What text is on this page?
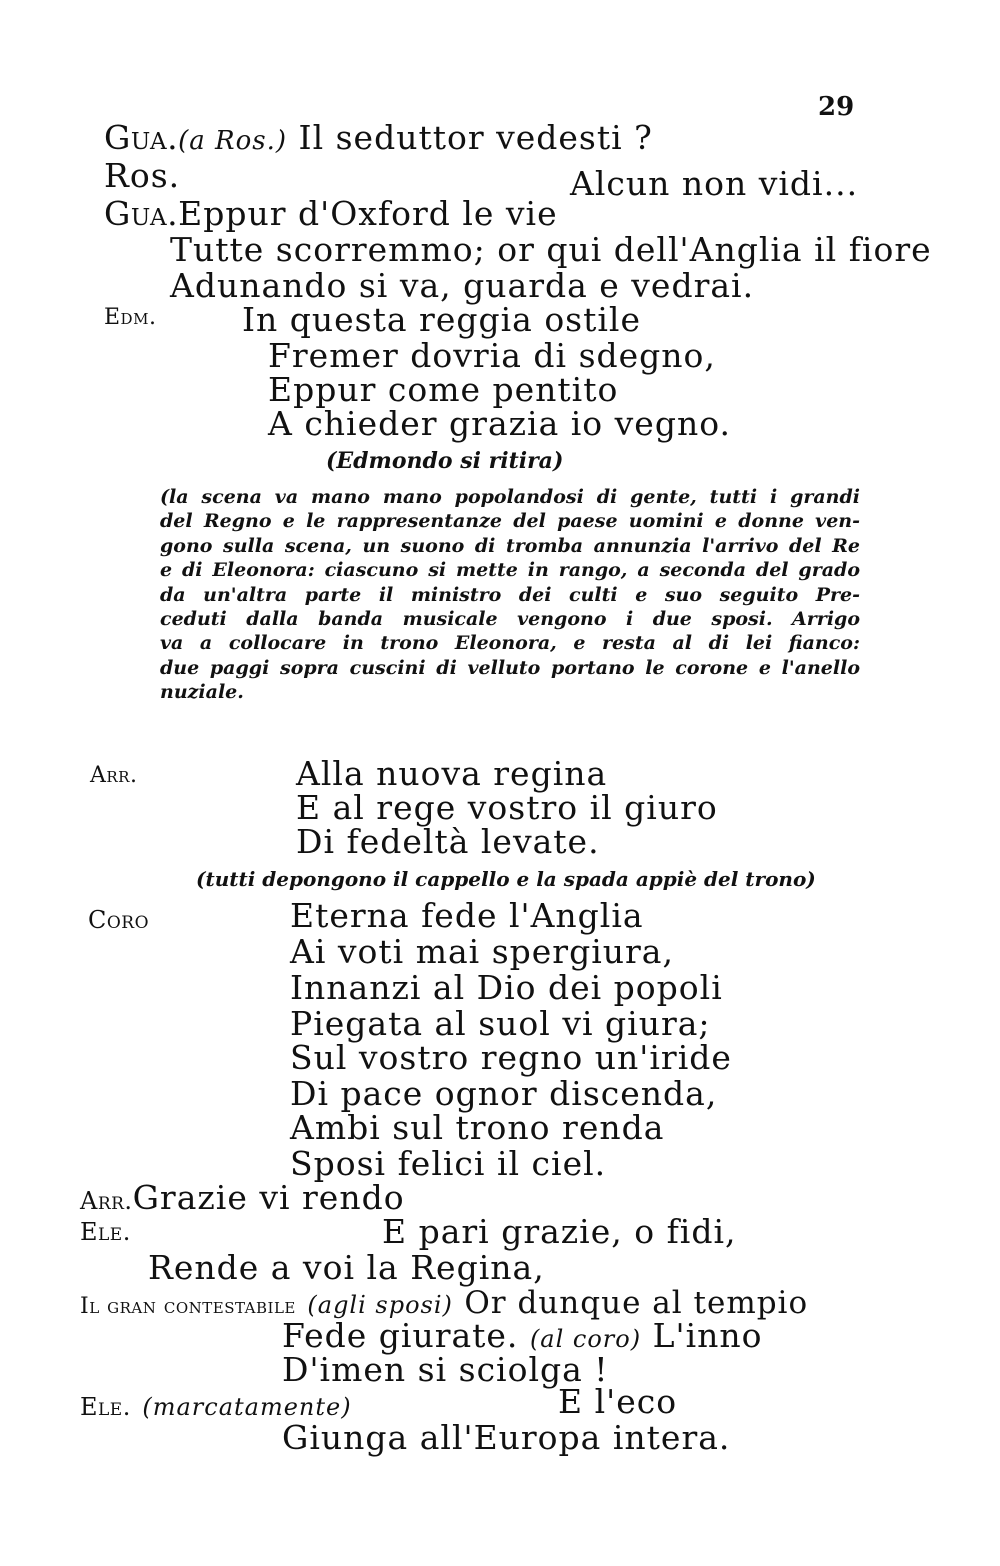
29
Gua.(a Ros.) Il seduttor vedesti ?
Ros.	Alcun non vidi...
Gua.Eppur d'Oxford le vie
Tutte scorremmo; or qui dell'Anglia il fiore
Adunando si va, guarda e vedrai.
Edm.	In questa reggia ostile
Fremer dovria di sdegno,
Eppur come pentito
A chieder grazia io vegno.
(Edmondo si ritira)
(la scena va mano mano popolandosi di gente, tutti i grandi
del Regno e le rappresentanze del paese uomini e donne ven-
gono sulla scena, un suono di tromba annunzia l'arrivo del Re
e di Eleonora: ciascuno si mette in rango, a seconda del grado
da un'altra parte il ministro dei culti e suo seguito Pre-
ceduti dalla banda musicale vengono i due sposi. Arrigo
va a collocare in trono Eleonora, e resta al di lei fianco:
due paggi sopra cuscini di velluto portano le corone e l'anello
nuziale.
Arr.	Alla nuova regina
E al rege vostro il giuro
Di fedeltà levate.
(tutti depongono il cappello e la spada appiè del trono)
Coro	Eterna fede l'Anglia
Ai voti mai spergiura,
Innanzi al Dio dei popoli
Piegata al suol vi giura;
Sul vostro regno un'iride
Di pace ognor discenda,
Ambi sul trono renda
Sposi felici il ciel.
Arr.Grazie vi rendo
Ele.	E pari grazie, o fidi,
Rende a voi la Regina,
Il gran contestabile (agli sposi) Or dunque al tempio
Fede giurate. (al coro) L'inno
D'imen si sciolga !
Ele. (marcatamente)	E l'eco
Giunga all'Europa intera.
